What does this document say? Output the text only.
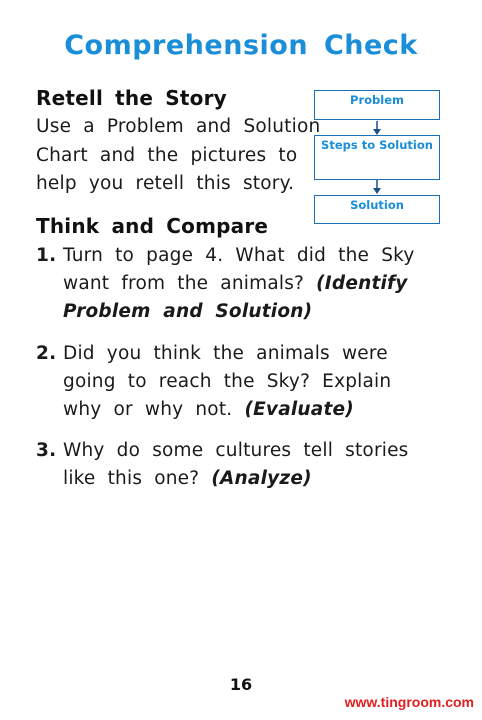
Comprehension Check
Retell the Story
Use a Problem and Solution
Chart and the pictures to
help you retell this story.
Problem
Steps to Solution
Solution
Think and Compare
1. Turn to page 4. What did the Sky want from the animals? (Identify Problem and Solution)
2. Did you think the animals were going to reach the Sky? Explain why or why not. (Evaluate)
3. Why do some cultures tell stories like this one? (Analyze)
16
www.tingroom.com
